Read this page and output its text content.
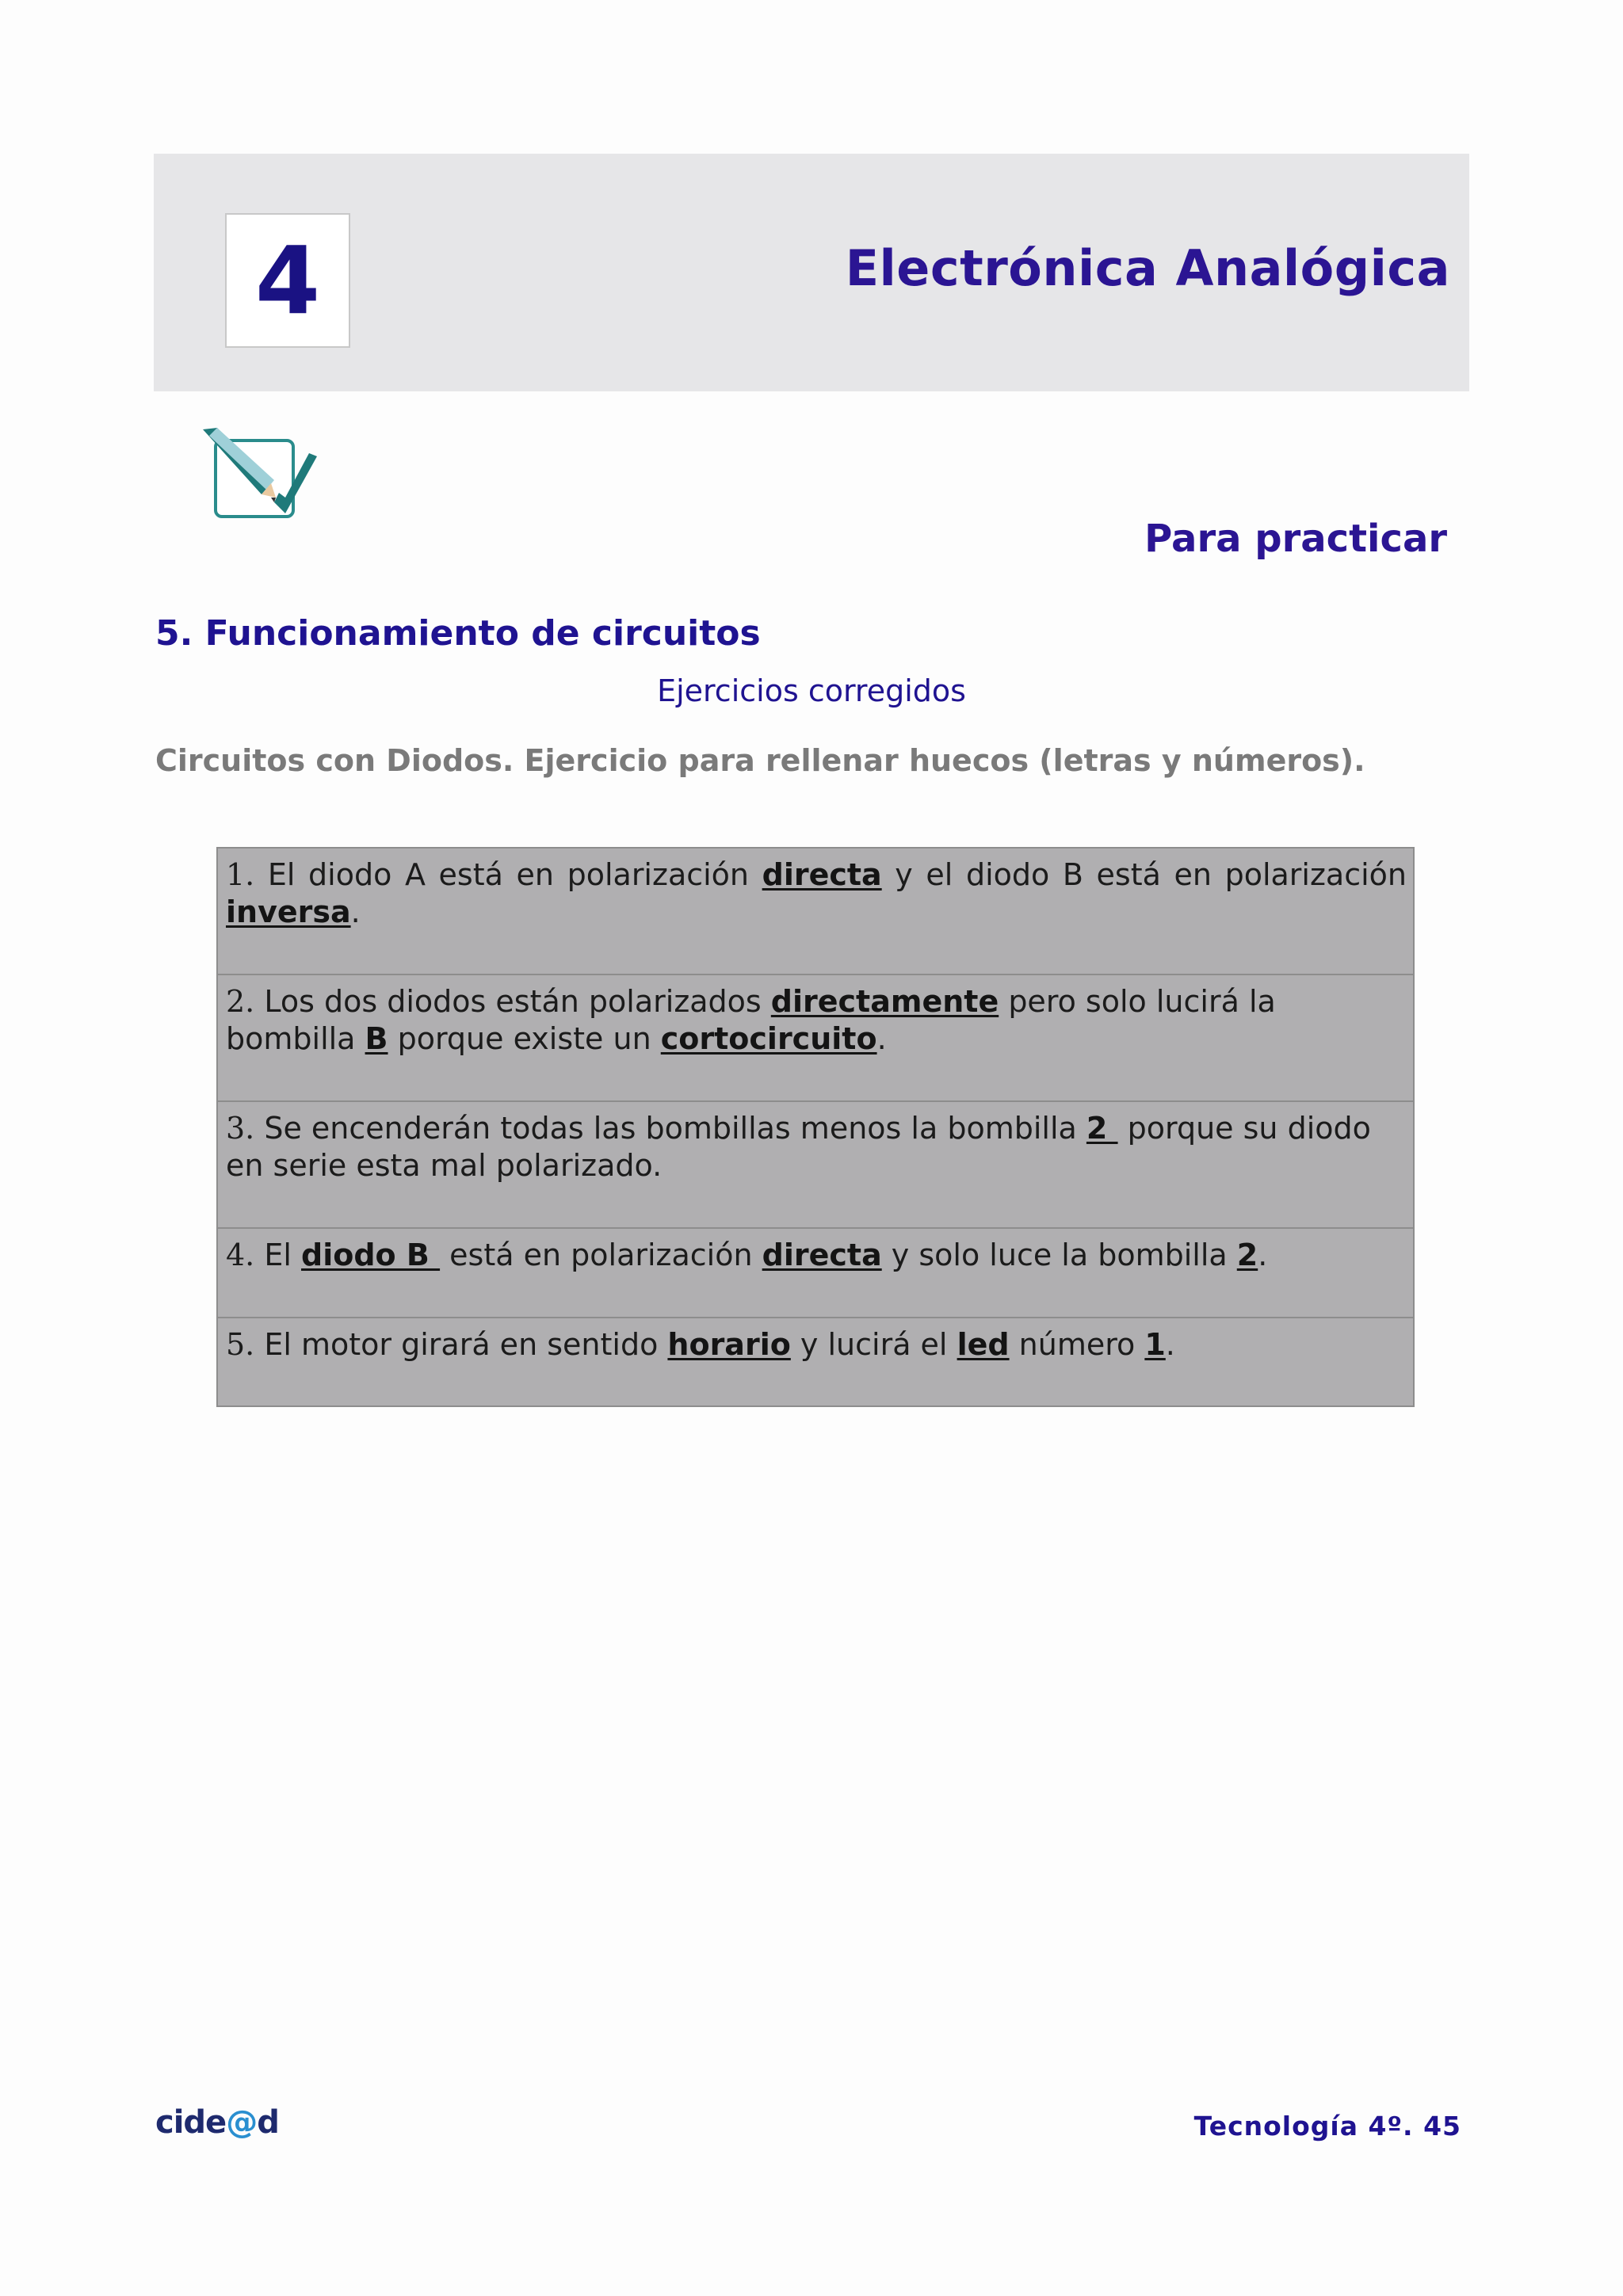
4	Electrónica Analógica
Para practicar
5. Funcionamiento de circuitos
Ejercicios corregidos
Circuitos con Diodos. Ejercicio para rellenar huecos (letras y números).
1. El diodo A está en polarización directa y el diodo B está en polarización inversa.
2. Los dos diodos están polarizados directamente pero solo lucirá la bombilla B porque existe un cortocircuito.
3. Se encenderán todas las bombillas menos la bombilla 2  porque su diodo en serie esta mal polarizado.
4. El diodo B  está en polarización directa y solo luce la bombilla 2.
5. El motor girará en sentido horario y lucirá el led número 1.
cide@d	Tecnología 4º. 45
